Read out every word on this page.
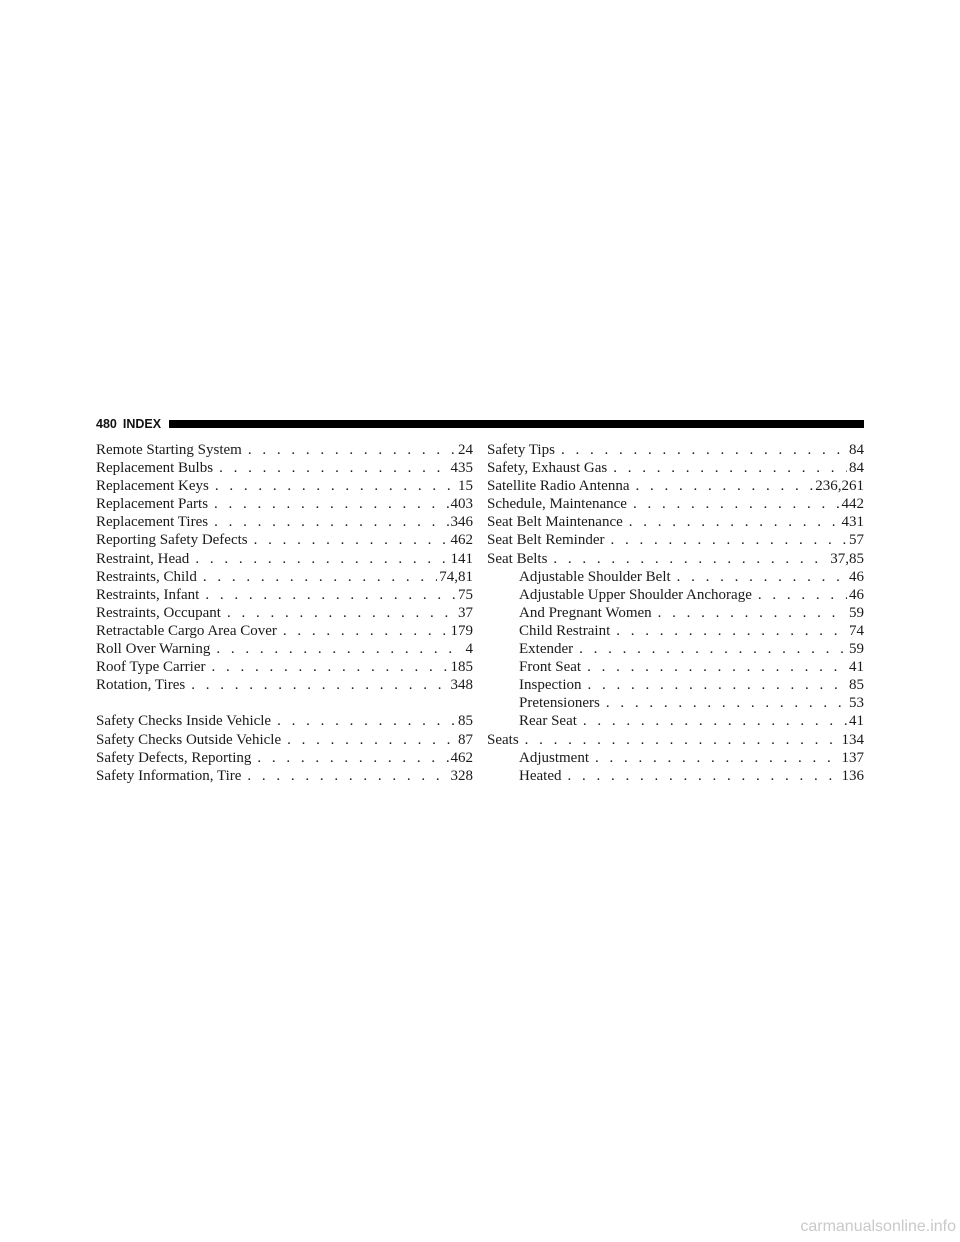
480 INDEX
Remote Starting System . . .	24
Replacement Bulbs . . .	435
Replacement Keys . . .	15
Replacement Parts . . .	403
Replacement Tires . . .	346
Reporting Safety Defects . . .	462
Restraint, Head . . .	141
Restraints, Child . . .	74,81
Restraints, Infant . . .	75
Restraints, Occupant . . .	37
Retractable Cargo Area Cover . . .	179
Roll Over Warning . . .	4
Roof Type Carrier . . .	185
Rotation, Tires . . .	348
Safety Checks Inside Vehicle . . .	85
Safety Checks Outside Vehicle . . .	87
Safety Defects, Reporting . . .	462
Safety Information, Tire . . .	328
Safety Tips . . .	84
Safety, Exhaust Gas . . .	84
Satellite Radio Antenna . . .	236,261
Schedule, Maintenance . . .	442
Seat Belt Maintenance . . .	431
Seat Belt Reminder . . .	57
Seat Belts . . .	37,85
Adjustable Shoulder Belt . . .	46
Adjustable Upper Shoulder Anchorage . . .	46
And Pregnant Women . . .	59
Child Restraint . . .	74
Extender . . .	59
Front Seat . . .	41
Inspection . . .	85
Pretensioners . . .	53
Rear Seat . . .	41
Seats . . .	134
Adjustment . . .	137
Heated . . .	136
carmanualsonline.info
